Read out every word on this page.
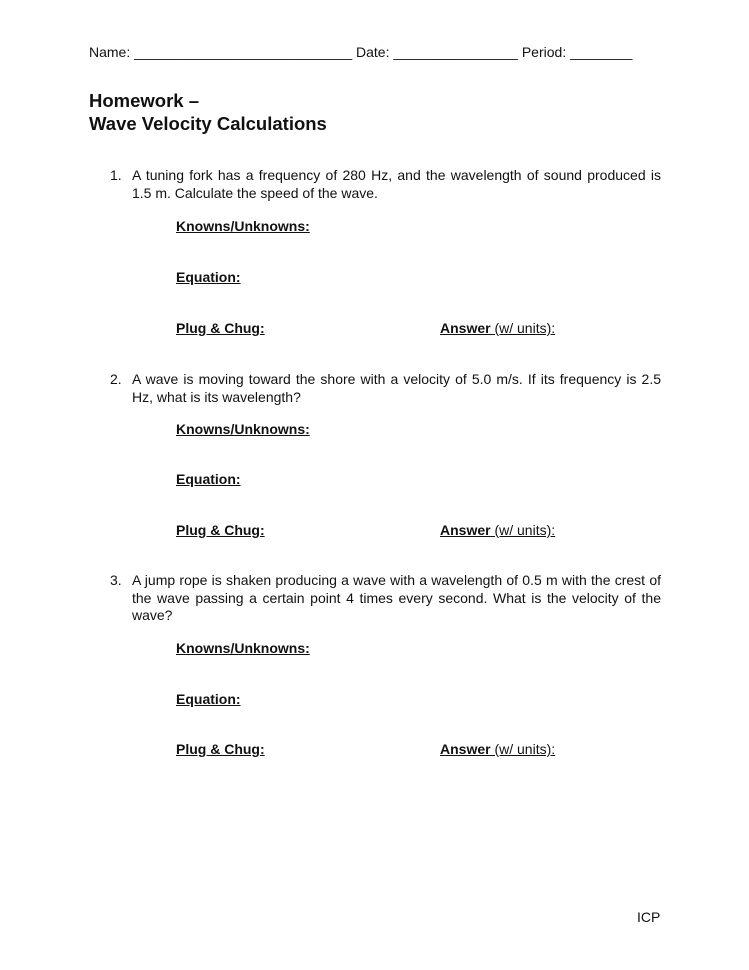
Name: ____________________________ Date: ________________ Period: ________
Homework –
Wave Velocity Calculations
1. A tuning fork has a frequency of 280 Hz, and the wavelength of sound produced is 1.5 m. Calculate the speed of the wave.
Knowns/Unknowns:
Equation:
Plug & Chug:	Answer (w/ units):
2. A wave is moving toward the shore with a velocity of 5.0 m/s. If its frequency is 2.5 Hz, what is its wavelength?
Knowns/Unknowns:
Equation:
Plug & Chug:	Answer (w/ units):
3. A jump rope is shaken producing a wave with a wavelength of 0.5 m with the crest of the wave passing a certain point 4 times every second. What is the velocity of the wave?
Knowns/Unknowns:
Equation:
Plug & Chug:	Answer (w/ units):
ICP
